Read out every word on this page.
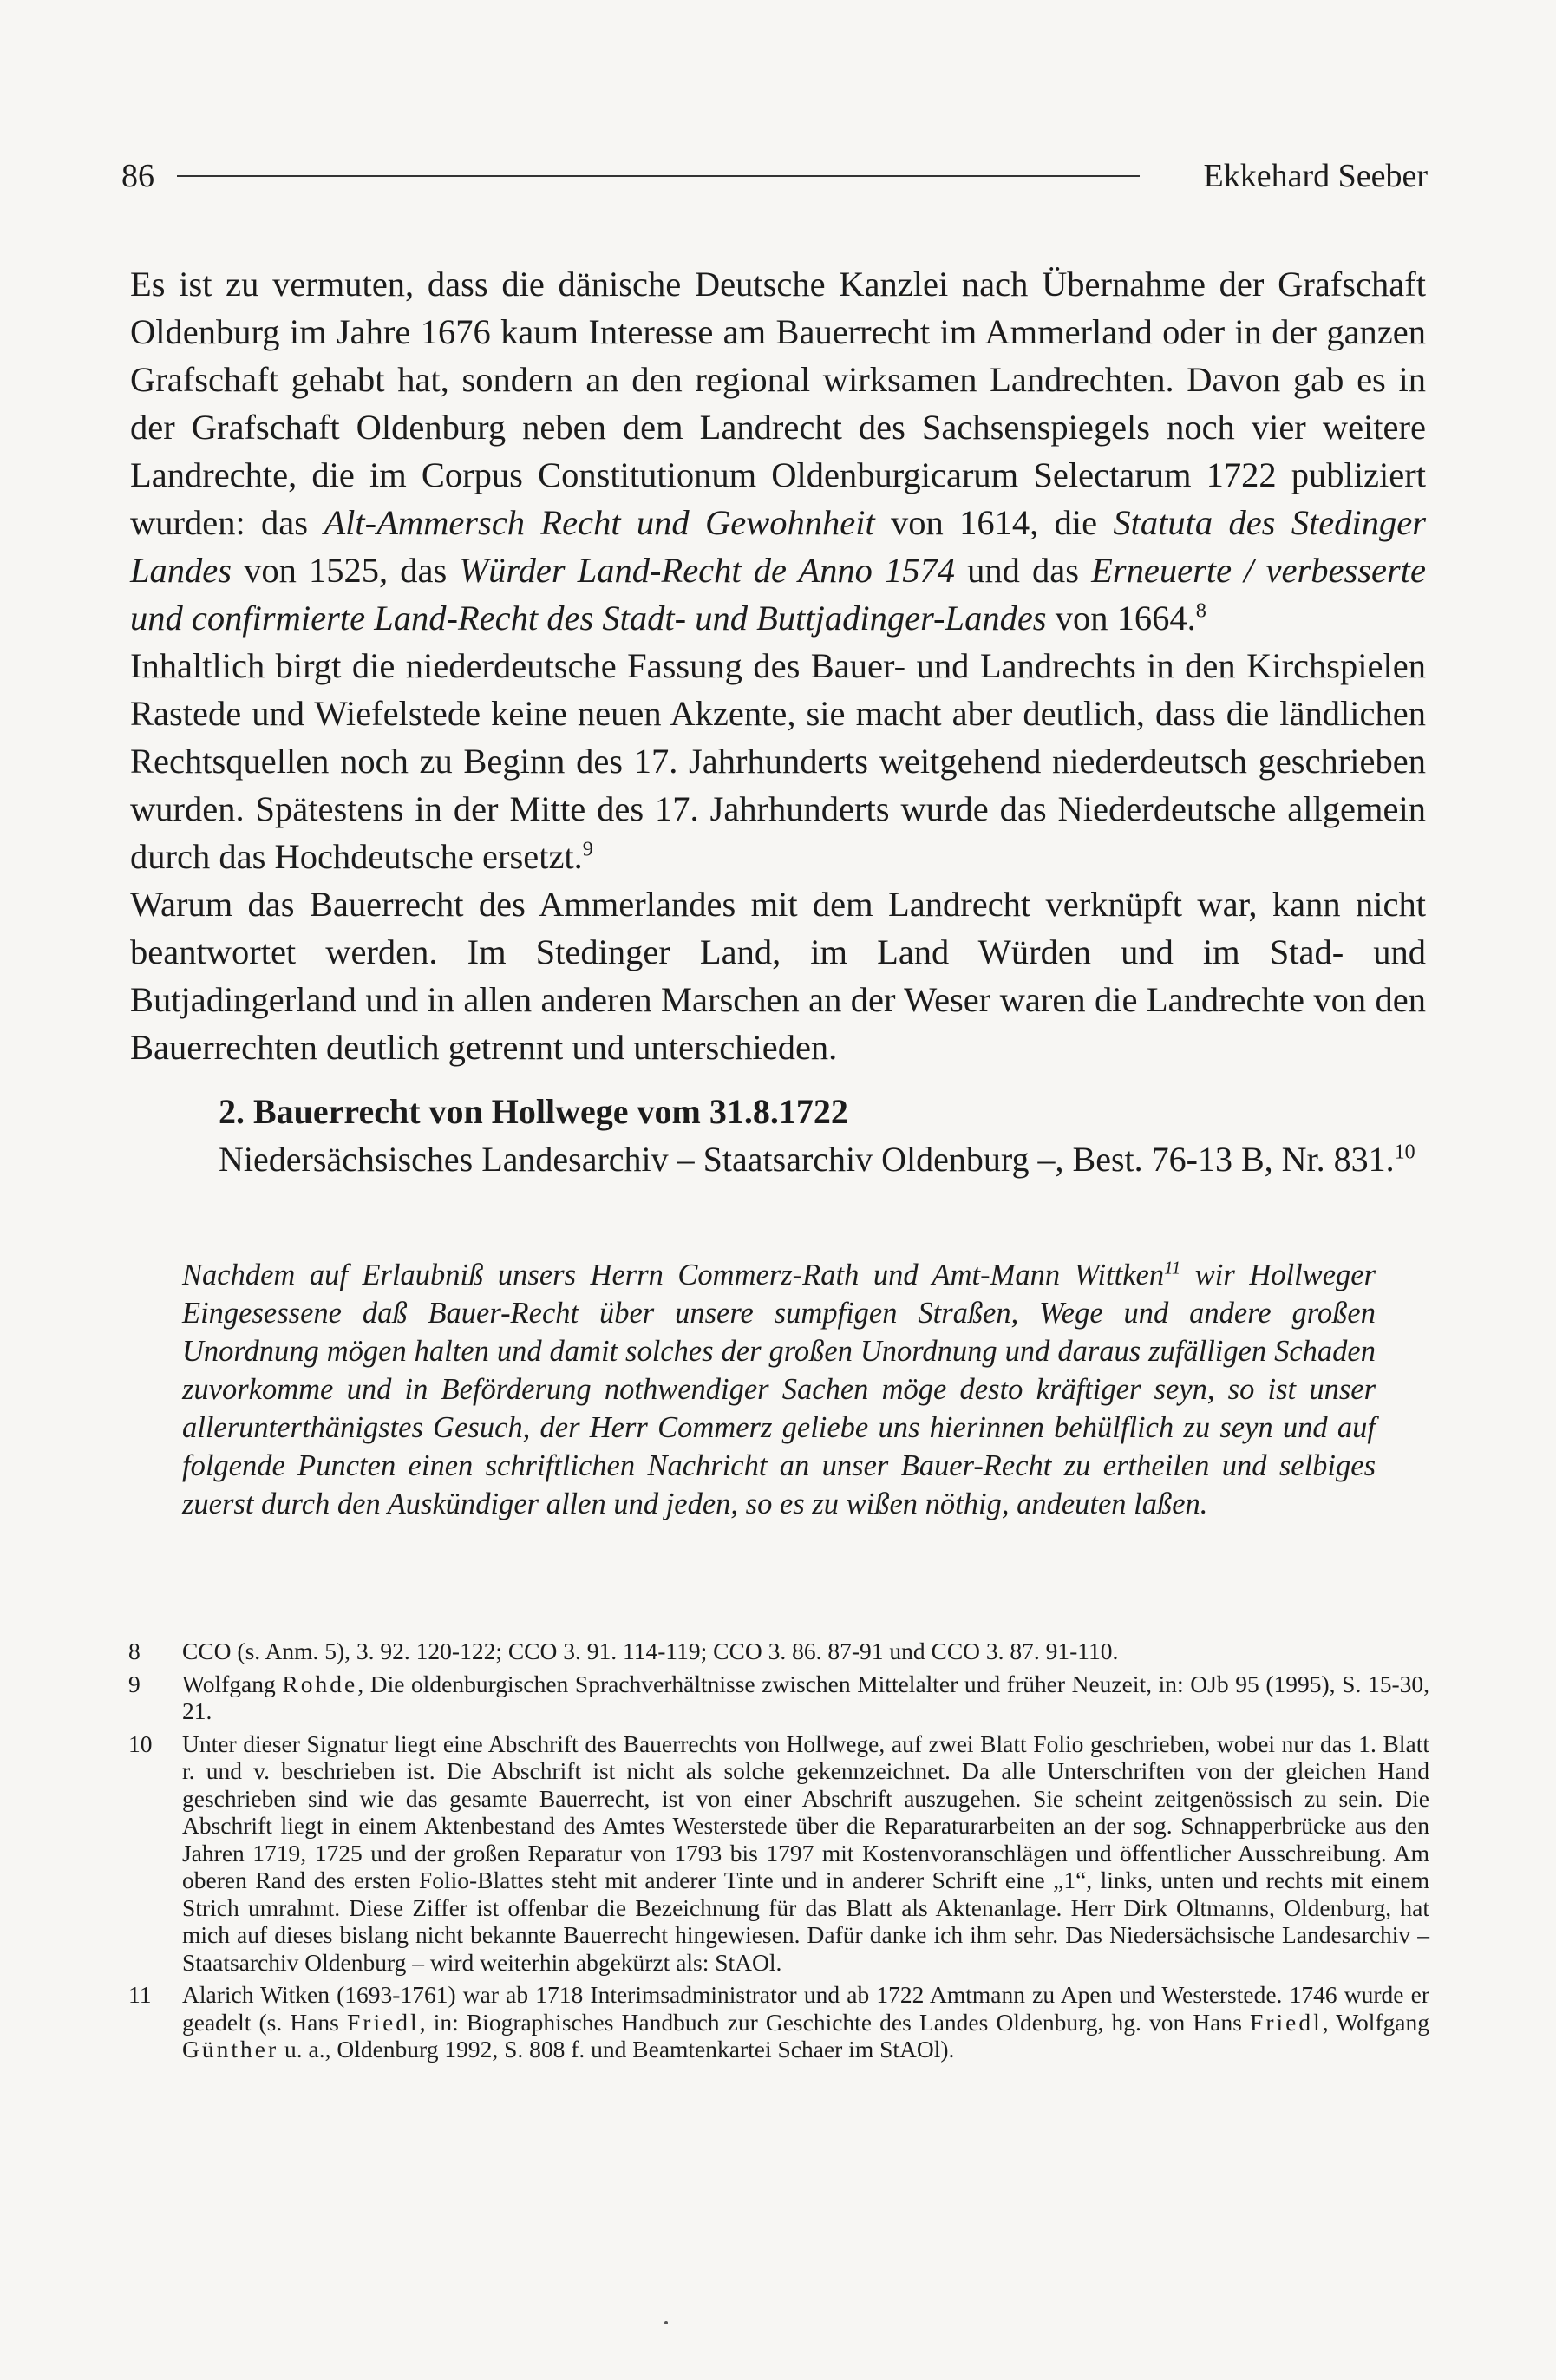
86	Ekkehard Seeber

Es ist zu vermuten, dass die dänische Deutsche Kanzlei nach Übernahme der Grafschaft Oldenburg im Jahre 1676 kaum Interesse am Bauerrecht im Ammerland oder in der ganzen Grafschaft gehabt hat, sondern an den regional wirksamen Landrechten. Davon gab es in der Grafschaft Oldenburg neben dem Landrecht des Sachsenspiegels noch vier weitere Landrechte, die im Corpus Constitutionum Oldenburgicarum Selectarum 1722 publiziert wurden: das Alt-Ammersch Recht und Gewohnheit von 1614, die Statuta des Stedinger Landes von 1525, das Würder Land-Recht de Anno 1574 und das Erneuerte / verbesserte und confirmierte Land-Recht des Stadt- und Buttjadinger-Landes von 1664.$^8$

Inhaltlich birgt die niederdeutsche Fassung des Bauer- und Landrechts in den Kirchspielen Rastede und Wiefelstede keine neuen Akzente, sie macht aber deutlich, dass die ländlichen Rechtsquellen noch zu Beginn des 17. Jahrhunderts weitgehend niederdeutsch geschrieben wurden. Spätestens in der Mitte des 17. Jahrhunderts wurde das Niederdeutsche allgemein durch das Hochdeutsche ersetzt.$^9$

Warum das Bauerrecht des Ammerlandes mit dem Landrecht verknüpft war, kann nicht beantwortet werden. Im Stedinger Land, im Land Würden und im Stad- und Butjadingerland und in allen anderen Marschen an der Weser waren die Landrechte von den Bauerrechten deutlich getrennt und unterschieden.

2. Bauerrecht von Hollwege vom 31.8.1722

Niedersächsisches Landesarchiv – Staatsarchiv Oldenburg –, Best. 76-13 B, Nr. 831.10

Nachdem auf Erlaubniß unsers Herrn Commerz-Rath und Amt-Mann Wittken$^{11}$ wir Hollweger Eingesessene daß Bauer-Recht über unsere sumpfigen Straßen, Wege und andere großen Unordnung mögen halten und damit solches der großen Unordnung und daraus zufälligen Schaden zuvorkomme und in Beförderung nothwendiger Sachen möge desto kräftiger seyn, so ist unser allerunterthänigstes Gesuch, der Herr Commerz geliebe uns hierinnen behülflich zu seyn und auf folgende Puncten einen schriftlichen Nachricht an unser Bauer-Recht zu ertheilen und selbiges zuerst durch den Auskündiger allen und jeden, so es zu wißen nöthig, andeuten laßen.

8	CCO (s. Anm. 5), 3. 92. 120-122; CCO 3. 91. 114-119; CCO 3. 86. 87-91 und CCO 3. 87. 91-110.

9	Wolfgang Rohde, Die oldenburgischen Sprachverhältnisse zwischen Mittelalter und früher Neuzeit, in: OJb 95 (1995), S. 15-30, 21.

10	Unter dieser Signatur liegt eine Abschrift des Bauerrechts von Hollwege, auf zwei Blatt Folio geschrieben, wobei nur das 1. Blatt r. und v. beschrieben ist. Die Abschrift ist nicht als solche gekennzeichnet. Da alle Unterschriften von der gleichen Hand geschrieben sind wie das gesamte Bauerrecht, ist von einer Abschrift auszugehen. Sie scheint zeitgenössisch zu sein. Die Abschrift liegt in einem Aktenbestand des Amtes Westerstede über die Reparaturarbeiten an der sog. Schnapperbrücke aus den Jahren 1719, 1725 und der großen Reparatur von 1793 bis 1797 mit Kostenvoranschlägen und öffentlicher Ausschreibung. Am oberen Rand des ersten Folio-Blattes steht mit anderer Tinte und in anderer Schrift eine „1“, links, unten und rechts mit einem Strich umrahmt. Diese Ziffer ist offenbar die Bezeichnung für das Blatt als Aktenanlage. Herr Dirk Oltmanns, Oldenburg, hat mich auf dieses bislang nicht bekannte Bauerrecht hingewiesen. Dafür danke ich ihm sehr. Das Niedersächsische Landesarchiv – Staatsarchiv Oldenburg – wird weiterhin abgekürzt als: StAOl.

11	Alarich Witken (1693-1761) war ab 1718 Interimsadministrator und ab 1722 Amtmann zu Apen und Westerstede. 1746 wurde er geadelt (s. Hans Friedl, in: Biographisches Handbuch zur Geschichte des Landes Oldenburg, hg. von Hans Friedl, Wolfgang Günther u. a., Oldenburg 1992, S. 808 f. und Beamtenkartei Schaer im StAOl).
